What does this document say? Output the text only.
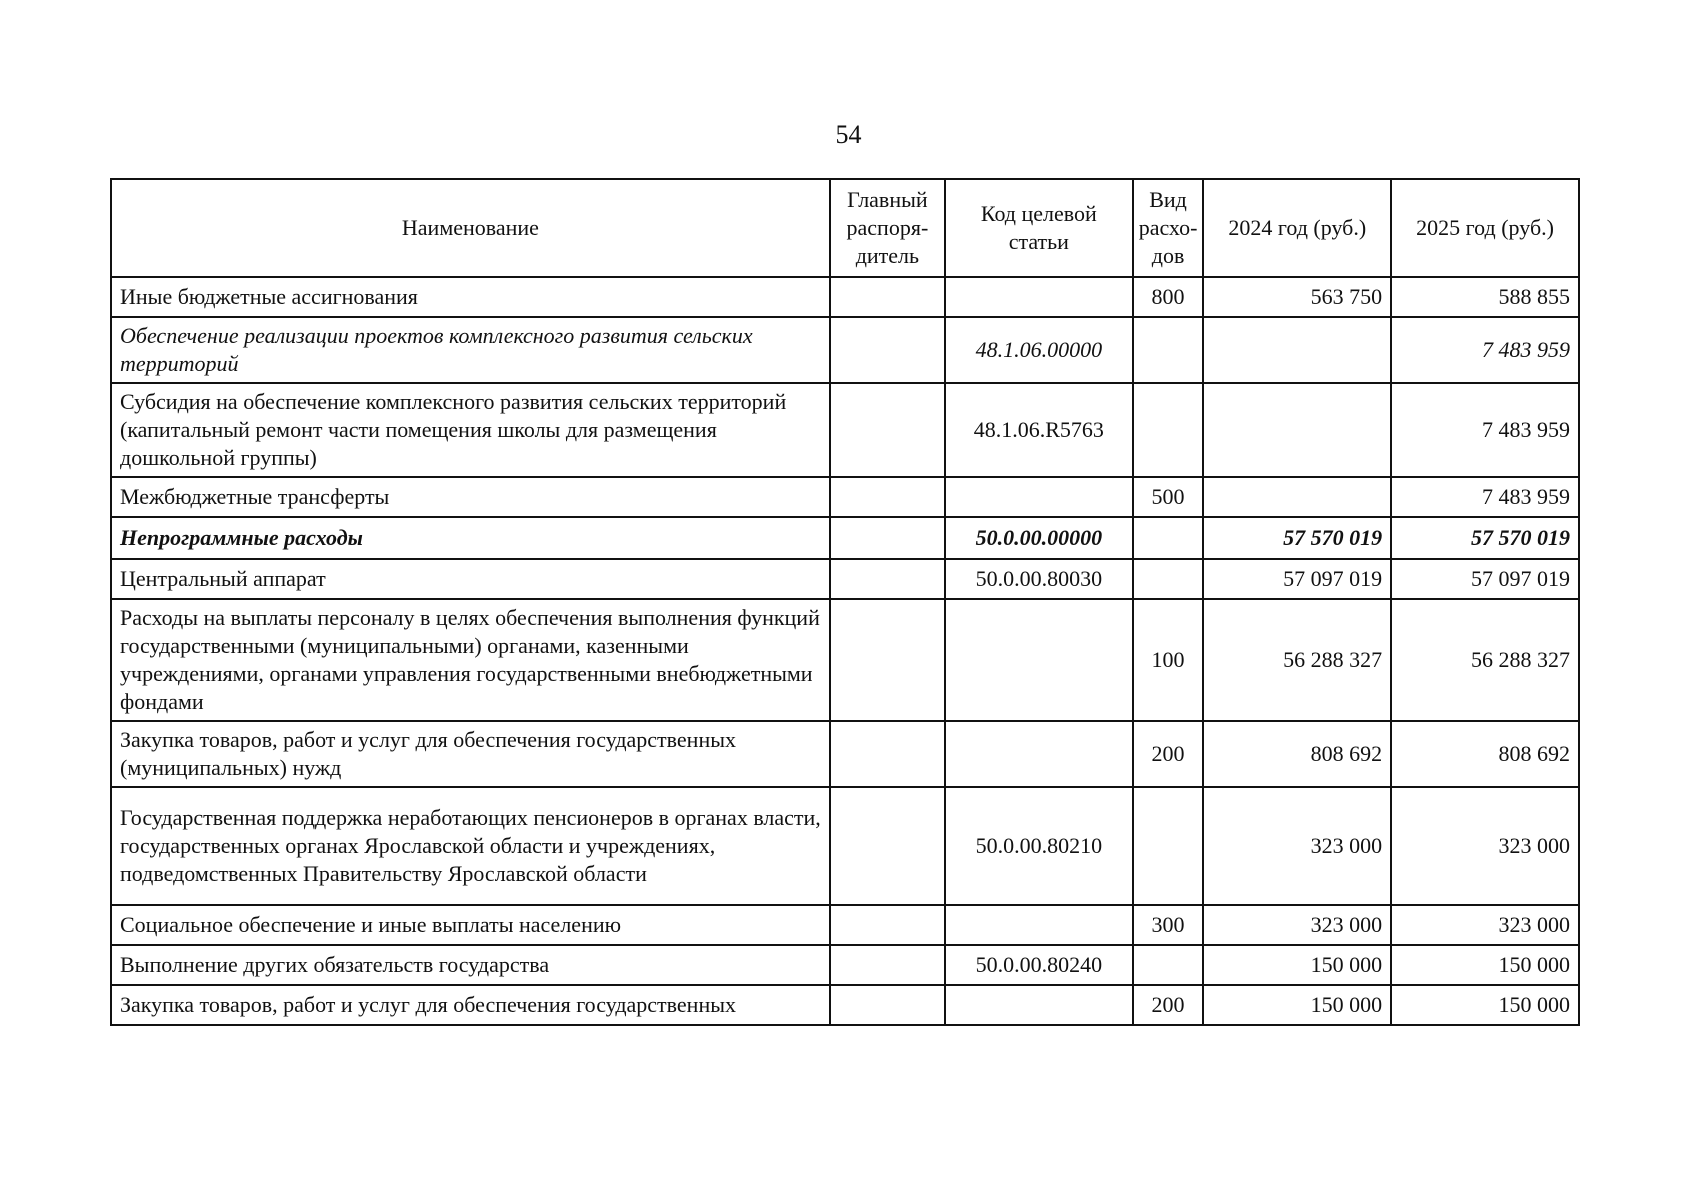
54
Наименование	Главный распоря-дитель	Код целевой статьи	Вид расхо-дов	2024 год (руб.)	2025 год (руб.)
Иные бюджетные ассигнования			800	563 750	588 855
Обеспечение реализации проектов комплексного развития сельских территорий		48.1.06.00000			7 483 959
Субсидия на обеспечение комплексного развития сельских территорий (капитальный ремонт части помещения школы для размещения дошкольной группы)		48.1.06.R5763			7 483 959
Межбюджетные трансферты			500		7 483 959
Непрограммные расходы		50.0.00.00000		57 570 019	57 570 019
Центральный аппарат		50.0.00.80030		57 097 019	57 097 019
Расходы на выплаты персоналу в целях обеспечения выполнения функций государственными (муниципальными) органами, казенными учреждениями, органами управления государственными внебюджетными фондами			100	56 288 327	56 288 327
Закупка товаров, работ и услуг для обеспечения государственных (муниципальных) нужд			200	808 692	808 692
Государственная поддержка неработающих пенсионеров в органах власти, государственных органах Ярославской области и учреждениях, подведомственных Правительству Ярославской области		50.0.00.80210		323 000	323 000
Социальное обеспечение и иные выплаты населению			300	323 000	323 000
Выполнение других обязательств государства		50.0.00.80240		150 000	150 000
Закупка товаров, работ и услуг для обеспечения государственных			200	150 000	150 000
